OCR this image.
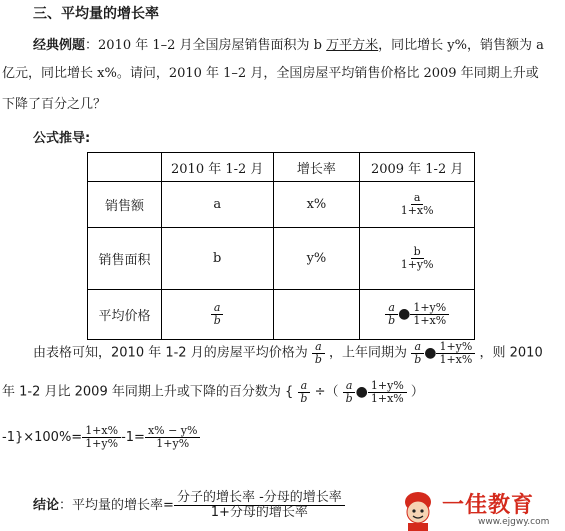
三、平均量的增长率
经典例题：2010 年 1–2 月全国房屋销售面积为 b 万平方米，同比增长 y%，销售额为 a
亿元，同比增长 x%。请问，2010 年 1–2 月，全国房屋平均销售价格比 2009 年同期上升或
下降了百分之几？
公式推导:
	2010 年 1-2 月	增长率	2009 年 1-2 月
销售额	a	x%	$\frac{a}{1+x\%}$

销售面积	b	y%	$\frac{b}{1+y\%}$

平均价格	$\frac{a}{b}$		$\frac{a}{b}$ ● $\frac{1+y\%}{1+x\%}$
由表格可知，2010 年 1-2 月的房屋平均价格为 $\frac{a}{b}$ ，上年同期为 $\frac{a}{b}$ ● $\frac{1+y\%}{1+x\%}$ ，则 2010
年 1-2 月比 2009 年同期上升或下降的百分数为 { $\frac{a}{b}$ ÷（ $\frac{a}{b}$ ● $\frac{1+y\%}{1+x\%}$ ）
$-1\}\times 100\%= \frac{1+x\%}{1+y\%} -1= \frac{x\% - y\%}{1+y\%}$
结论：平均量的增长率= $\frac{\text{分子的增长率 -分母的增长率}}{\text{1+分母的增长率}}$	一佳教育
www.ejgwy.com
